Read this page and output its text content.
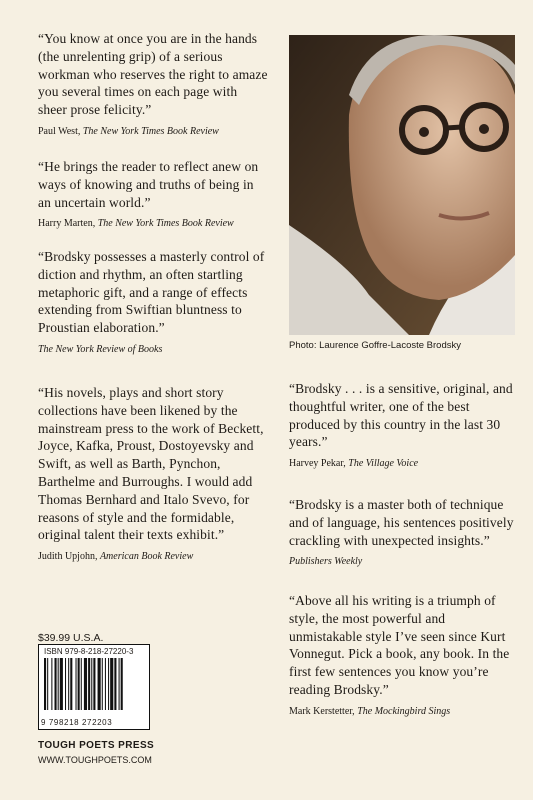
“You know at once you are in the hands (the unrelenting grip) of a serious workman who reserves the right to amaze you several times on each page with sheer prose felicity.”

Paul West, The New York Times Book Review

“He brings the reader to reflect anew on ways of knowing and truths of being in an uncertain world.”

Harry Marten, The New York Times Book Review

“Brodsky possesses a masterly control of diction and rhythm, an often startling metaphoric gift, and a range of effects extending from Swiftian bluntness to Proustian elaboration.”

The New York Review of Books

“His novels, plays and short story collections have been likened by the mainstream press to the work of Beckett, Joyce, Kafka, Proust, Dostoyevsky and Swift, as well as Barth, Pynchon, Barthelme and Burroughs. I would add Thomas Bernhard and Italo Svevo, for reasons of style and the formidable, original talent their texts exhibit.”

Judith Upjohn, American Book Review
Photo: Laurence Goffre-Lacoste Brodsky

“Brodsky . . . is a sensitive, original, and thoughtful writer, one of the best produced by this country in the last 30 years.”

Harvey Pekar, The Village Voice

“Brodsky is a master both of technique and of language, his sentences positively crackling with unexpected insights.”

Publishers Weekly

“Above all his writing is a triumph of style, the most powerful and unmistakable style I’ve seen since Kurt Vonnegut. Pick a book, any book. In the first few sentences you know you’re reading Brodsky.”

Mark Kerstetter, The Mockingbird Sings
$39.99 U.S.A.
ISBN 979-8-218-27220-3
9 798218 272203
TOUGH POETS PRESS
WWW.TOUGHPOETS.COM
